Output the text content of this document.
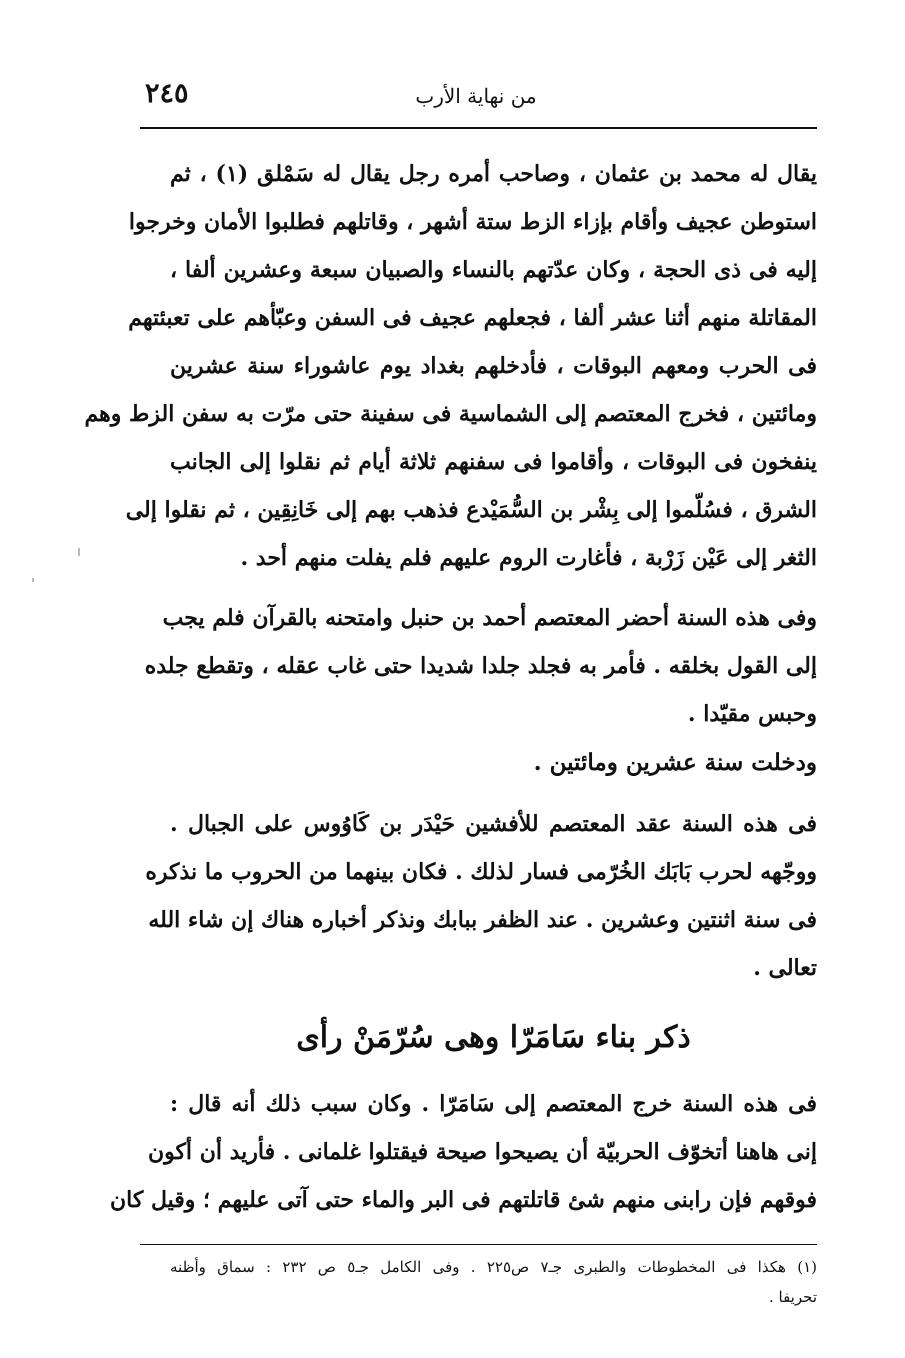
٢٤٥	من نهاية الأرب
يقال له محمد بن عثمان ، وصاحب أمره رجل يقال له سَمْلق (١) ، ثم
استوطن عجيف وأقام بإزاء الزط ستة أشهر ، وقاتلهم فطلبوا الأمان وخرجوا
إليه فى ذى الحجة ، وكان عدّتهم بالنساء والصبيان سبعة وعشرين ألفا ،
المقاتلة منهم أثنا عشر ألفا ، فجعلهم عجيف فى السفن وعبّأهم على تعبئتهم
فى الحرب ومعهم البوقات ، فأدخلهم بغداد يوم عاشوراء سنة عشرين
ومائتين ، فخرج المعتصم إلى الشماسية فى سفينة حتى مرّت به سفن الزط وهم
ينفخون فى البوقات ، وأقاموا فى سفنهم ثلاثة أيام ثم نقلوا إلى الجانب
الشرق ، فسُلّموا إلى بِشْر بن السُّمَيْدع فذهب بهم إلى خَانِقِين ، ثم نقلوا إلى
الثغر إلى عَيْن زَرْبة ، فأغارت الروم عليهم فلم يفلت منهم أحد .
وفى هذه السنة أحضر المعتصم أحمد بن حنبل وامتحنه بالقرآن فلم يجب
إلى القول بخلقه . فأمر به فجلد جلدا شديدا حتى غاب عقله ، وتقطع جلده
وحبس مقيّدا .
ودخلت سنة عشرين ومائتين .
فى هذه السنة عقد المعتصم للأفشين حَيْدَر بن كَاوُوس على الجبال .
ووجّهه لحرب بَابَك الخُرّمى فسار لذلك . فكان بينهما من الحروب ما نذكره
فى سنة اثنتين وعشرين . عند الظفر ببابك ونذكر أخباره هناك إن شاء الله
تعالى .
ذكر بناء سَامَرّا وهى سُرّمَنْ رأى
فى هذه السنة خرج المعتصم إلى سَامَرّا . وكان سبب ذلك أنه قال :
إنى هاهنا أتخوّف الحربيّة أن يصيحوا صيحة فيقتلوا غلمانى . فأريد أن أكون
فوقهم فإن رابنى منهم شئ قاتلتهم فى البر والماء حتى آتى عليهم ؛ وقيل كان
(١) هكذا فى المخطوطات والطبرى جـ٧ ص٢٢٥ . وفى الكامل جـ٥ ص ٢٣٢ : سماق وأظنه
تحريفا .
